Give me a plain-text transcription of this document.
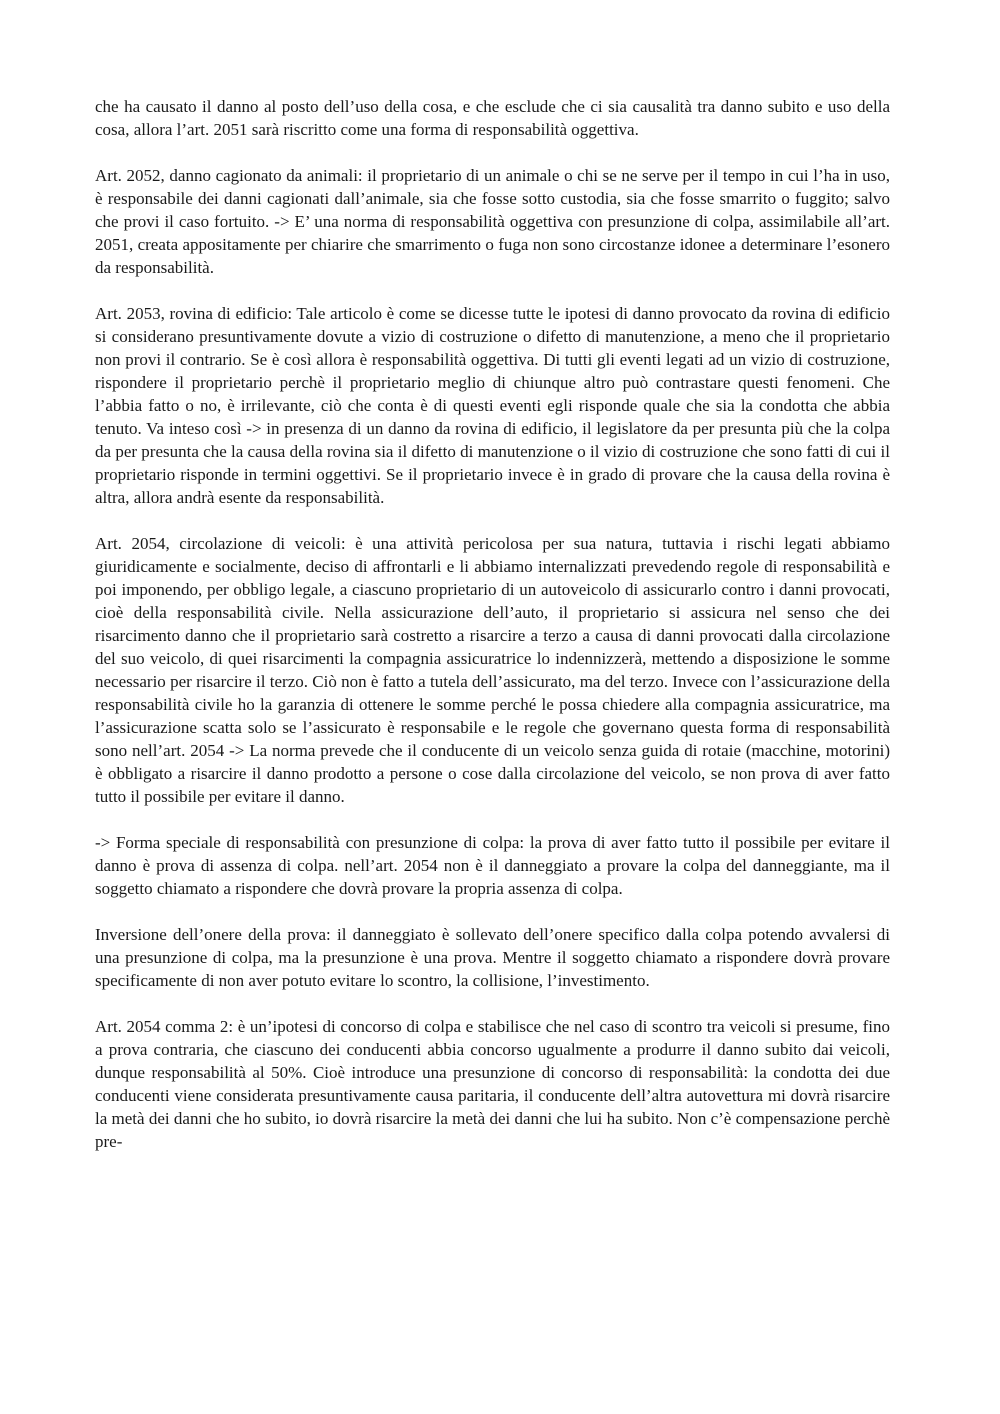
che ha causato il danno al posto dell’uso della cosa, e che esclude che ci sia causalità tra danno subito e uso della cosa, allora l’art. 2051 sarà riscritto come una forma di responsabilità oggettiva.

Art. 2052, danno cagionato da animali: il proprietario di un animale o chi se ne serve per il tempo in cui l’ha in uso, è responsabile dei danni cagionati dall’animale, sia che fosse sotto custodia, sia che fosse smarrito o fuggito; salvo che provi il caso fortuito. -> E’ una norma di responsabilità oggettiva con presunzione di colpa, assimilabile all’art. 2051, creata appositamente per chiarire che smarrimento o fuga non sono circostanze idonee a determinare l’esonero da responsabilità.

Art. 2053, rovina di edificio: Tale articolo è come se dicesse tutte le ipotesi di danno provocato da rovina di edificio si considerano presuntivamente dovute a vizio di costruzione o difetto di manutenzione, a meno che il proprietario non provi il contrario. Se è così allora è responsabilità oggettiva. Di tutti gli eventi legati ad un vizio di costruzione, rispondere il proprietario perchè il proprietario meglio di chiunque altro può contrastare questi fenomeni. Che l’abbia fatto o no, è irrilevante, ciò che conta è di questi eventi egli risponde quale che sia la condotta che abbia tenuto. Va inteso così -> in presenza di un danno da rovina di edificio, il legislatore da per presunta più che la colpa da per presunta che la causa della rovina sia il difetto di manutenzione o il vizio di costruzione che sono fatti di cui il proprietario risponde in termini oggettivi. Se il proprietario invece è in grado di provare che la causa della rovina è altra, allora andrà esente da responsabilità.

Art. 2054, circolazione di veicoli: è una attività pericolosa per sua natura, tuttavia i rischi legati abbiamo giuridicamente e socialmente, deciso di affrontarli e li abbiamo internalizzati prevedendo regole di responsabilità e poi imponendo, per obbligo legale, a ciascuno proprietario di un autoveicolo di assicurarlo contro i danni provocati, cioè della responsabilità civile. Nella assicurazione dell’auto, il proprietario si assicura nel senso che dei risarcimento danno che il proprietario sarà costretto a risarcire a terzo a causa di danni provocati dalla circolazione del suo veicolo, di quei risarcimenti la compagnia assicuratrice lo indennizzerà, mettendo a disposizione le somme necessario per risarcire il terzo. Ciò non è fatto a tutela dell’assicurato, ma del terzo. Invece con l’assicurazione della responsabilità civile ho la garanzia di ottenere le somme perché le possa chiedere alla compagnia assicuratrice, ma l’assicurazione scatta solo se l’assicurato è responsabile e le regole che governano questa forma di responsabilità sono nell’art. 2054 -> La norma prevede che il conducente di un veicolo senza guida di rotaie (macchine, motorini) è obbligato a risarcire il danno prodotto a persone o cose dalla circolazione del veicolo, se non prova di aver fatto tutto il possibile per evitare il danno.

-> Forma speciale di responsabilità con presunzione di colpa: la prova di aver fatto tutto il possibile per evitare il danno è prova di assenza di colpa. nell’art. 2054 non è il danneggiato a provare la colpa del danneggiante, ma il soggetto chiamato a rispondere che dovrà provare la propria assenza di colpa.

Inversione dell’onere della prova: il danneggiato è sollevato dell’onere specifico dalla colpa potendo avvalersi di una presunzione di colpa, ma la presunzione è una prova. Mentre il soggetto chiamato a rispondere dovrà provare specificamente di non aver potuto evitare lo scontro, la collisione, l’investimento.

Art. 2054 comma 2: è un’ipotesi di concorso di colpa e stabilisce che nel caso di scontro tra veicoli si presume, fino a prova contraria, che ciascuno dei conducenti abbia concorso ugualmente a produrre il danno subito dai veicoli, dunque responsabilità al 50%. Cioè introduce una presunzione di concorso di responsabilità: la condotta dei due conducenti viene considerata presuntivamente causa paritaria, il conducente dell’altra autovettura mi dovrà risarcire la metà dei danni che ho subito, io dovrà risarcire la metà dei danni che lui ha subito. Non c’è compensazione perchè pre-
